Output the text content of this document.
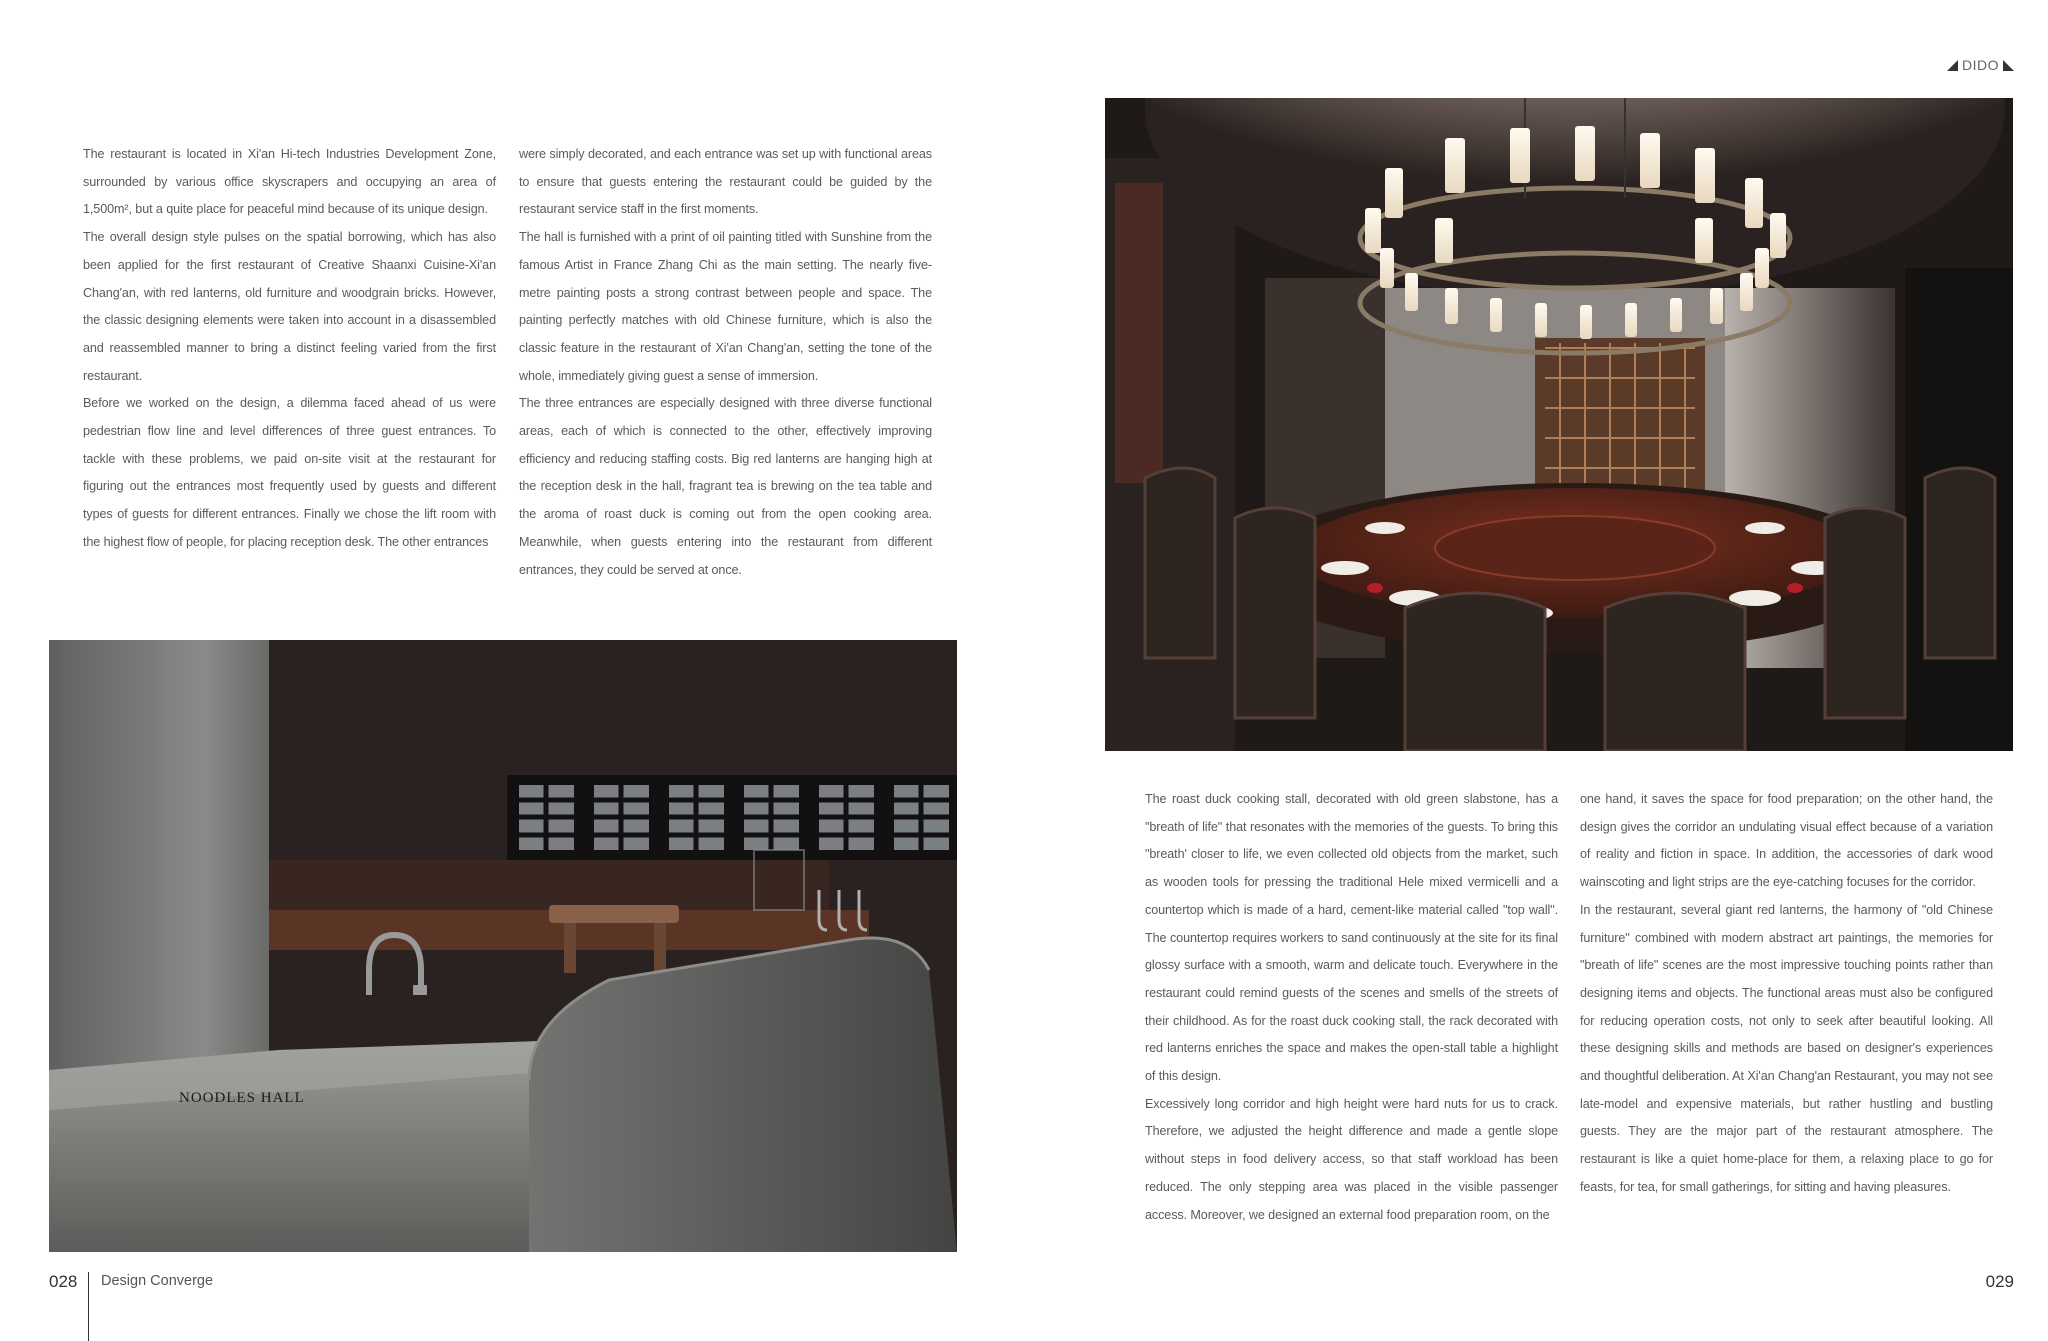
DIDO

The restaurant is located in Xi'an Hi-tech Industries Development Zone, surrounded by various office skyscrapers and occupying an area of 1,500m², but a quite place for peaceful mind because of its unique design.

The overall design style pulses on the spatial borrowing, which has also been applied for the first restaurant of Creative Shaanxi Cuisine-Xi'an Chang'an, with red lanterns, old furniture and woodgrain bricks. However, the classic designing elements were taken into account in a disassembled and reassembled manner to bring a distinct feeling varied from the first restaurant.

Before we worked on the design, a dilemma faced ahead of us were pedestrian flow line and level differences of three guest entrances. To tackle with these problems, we paid on-site visit at the restaurant for figuring out the entrances most frequently used by guests and different types of guests for different entrances. Finally we chose the lift room with the highest flow of people, for placing reception desk. The other entrances

were simply decorated, and each entrance was set up with functional areas to ensure that guests entering the restaurant could be guided by the restaurant service staff in the first moments.

The hall is furnished with a print of oil painting titled with Sunshine from the famous Artist in France Zhang Chi as the main setting. The nearly five-metre painting posts a strong contrast between people and space. The painting perfectly matches with old Chinese furniture, which is also the classic feature in the restaurant of Xi'an Chang'an, setting the tone of the whole, immediately giving guest a sense of immersion.

The three entrances are especially designed with three diverse functional areas, each of which is connected to the other, effectively improving efficiency and reducing staffing costs. Big red lanterns are hanging high at the reception desk in the hall, fragrant tea is brewing on the tea table and the aroma of roast duck is coming out from the open cooking area. Meanwhile, when guests entering into the restaurant from different entrances, they could be served at once.

The roast duck cooking stall, decorated with old green slabstone, has a "breath of life" that resonates with the memories of the guests. To bring this "breath' closer to life, we even collected old objects from the market, such as wooden tools for pressing the traditional Hele mixed vermicelli and a countertop which is made of a hard, cement-like material called "top wall". The countertop requires workers to sand continuously at the site for its final glossy surface with a smooth, warm and delicate touch. Everywhere in the restaurant could remind guests of the scenes and smells of the streets of their childhood. As for the roast duck cooking stall, the rack decorated with red lanterns enriches the space and makes the open-stall table a highlight of this design.

Excessively long corridor and high height were hard nuts for us to crack. Therefore, we adjusted the height difference and made a gentle slope without steps in food delivery access, so that staff workload has been reduced. The only stepping area was placed in the visible passenger access. Moreover, we designed an external food preparation room, on the

one hand, it saves the space for food preparation; on the other hand, the design gives the corridor an undulating visual effect because of a variation of reality and fiction in space. In addition, the accessories of dark wood wainscoting and light strips are the eye-catching focuses for the corridor.

In the restaurant, several giant red lanterns, the harmony of "old Chinese furniture" combined with modern abstract art paintings, the memories for "breath of life" scenes are the most impressive touching points rather than designing items and objects. The functional areas must also be configured for reducing operation costs, not only to seek after beautiful looking. All these designing skills and methods are based on designer's experiences and thoughtful deliberation. At Xi'an Chang'an Restaurant, you may not see late-model and expensive materials, but rather hustling and bustling guests. They are the major part of the restaurant atmosphere. The restaurant is like a quiet home-place for them, a relaxing place to go for feasts, for tea, for small gatherings, for sitting and having pleasures.

NOODLES HALL
028 Design Converge	029
